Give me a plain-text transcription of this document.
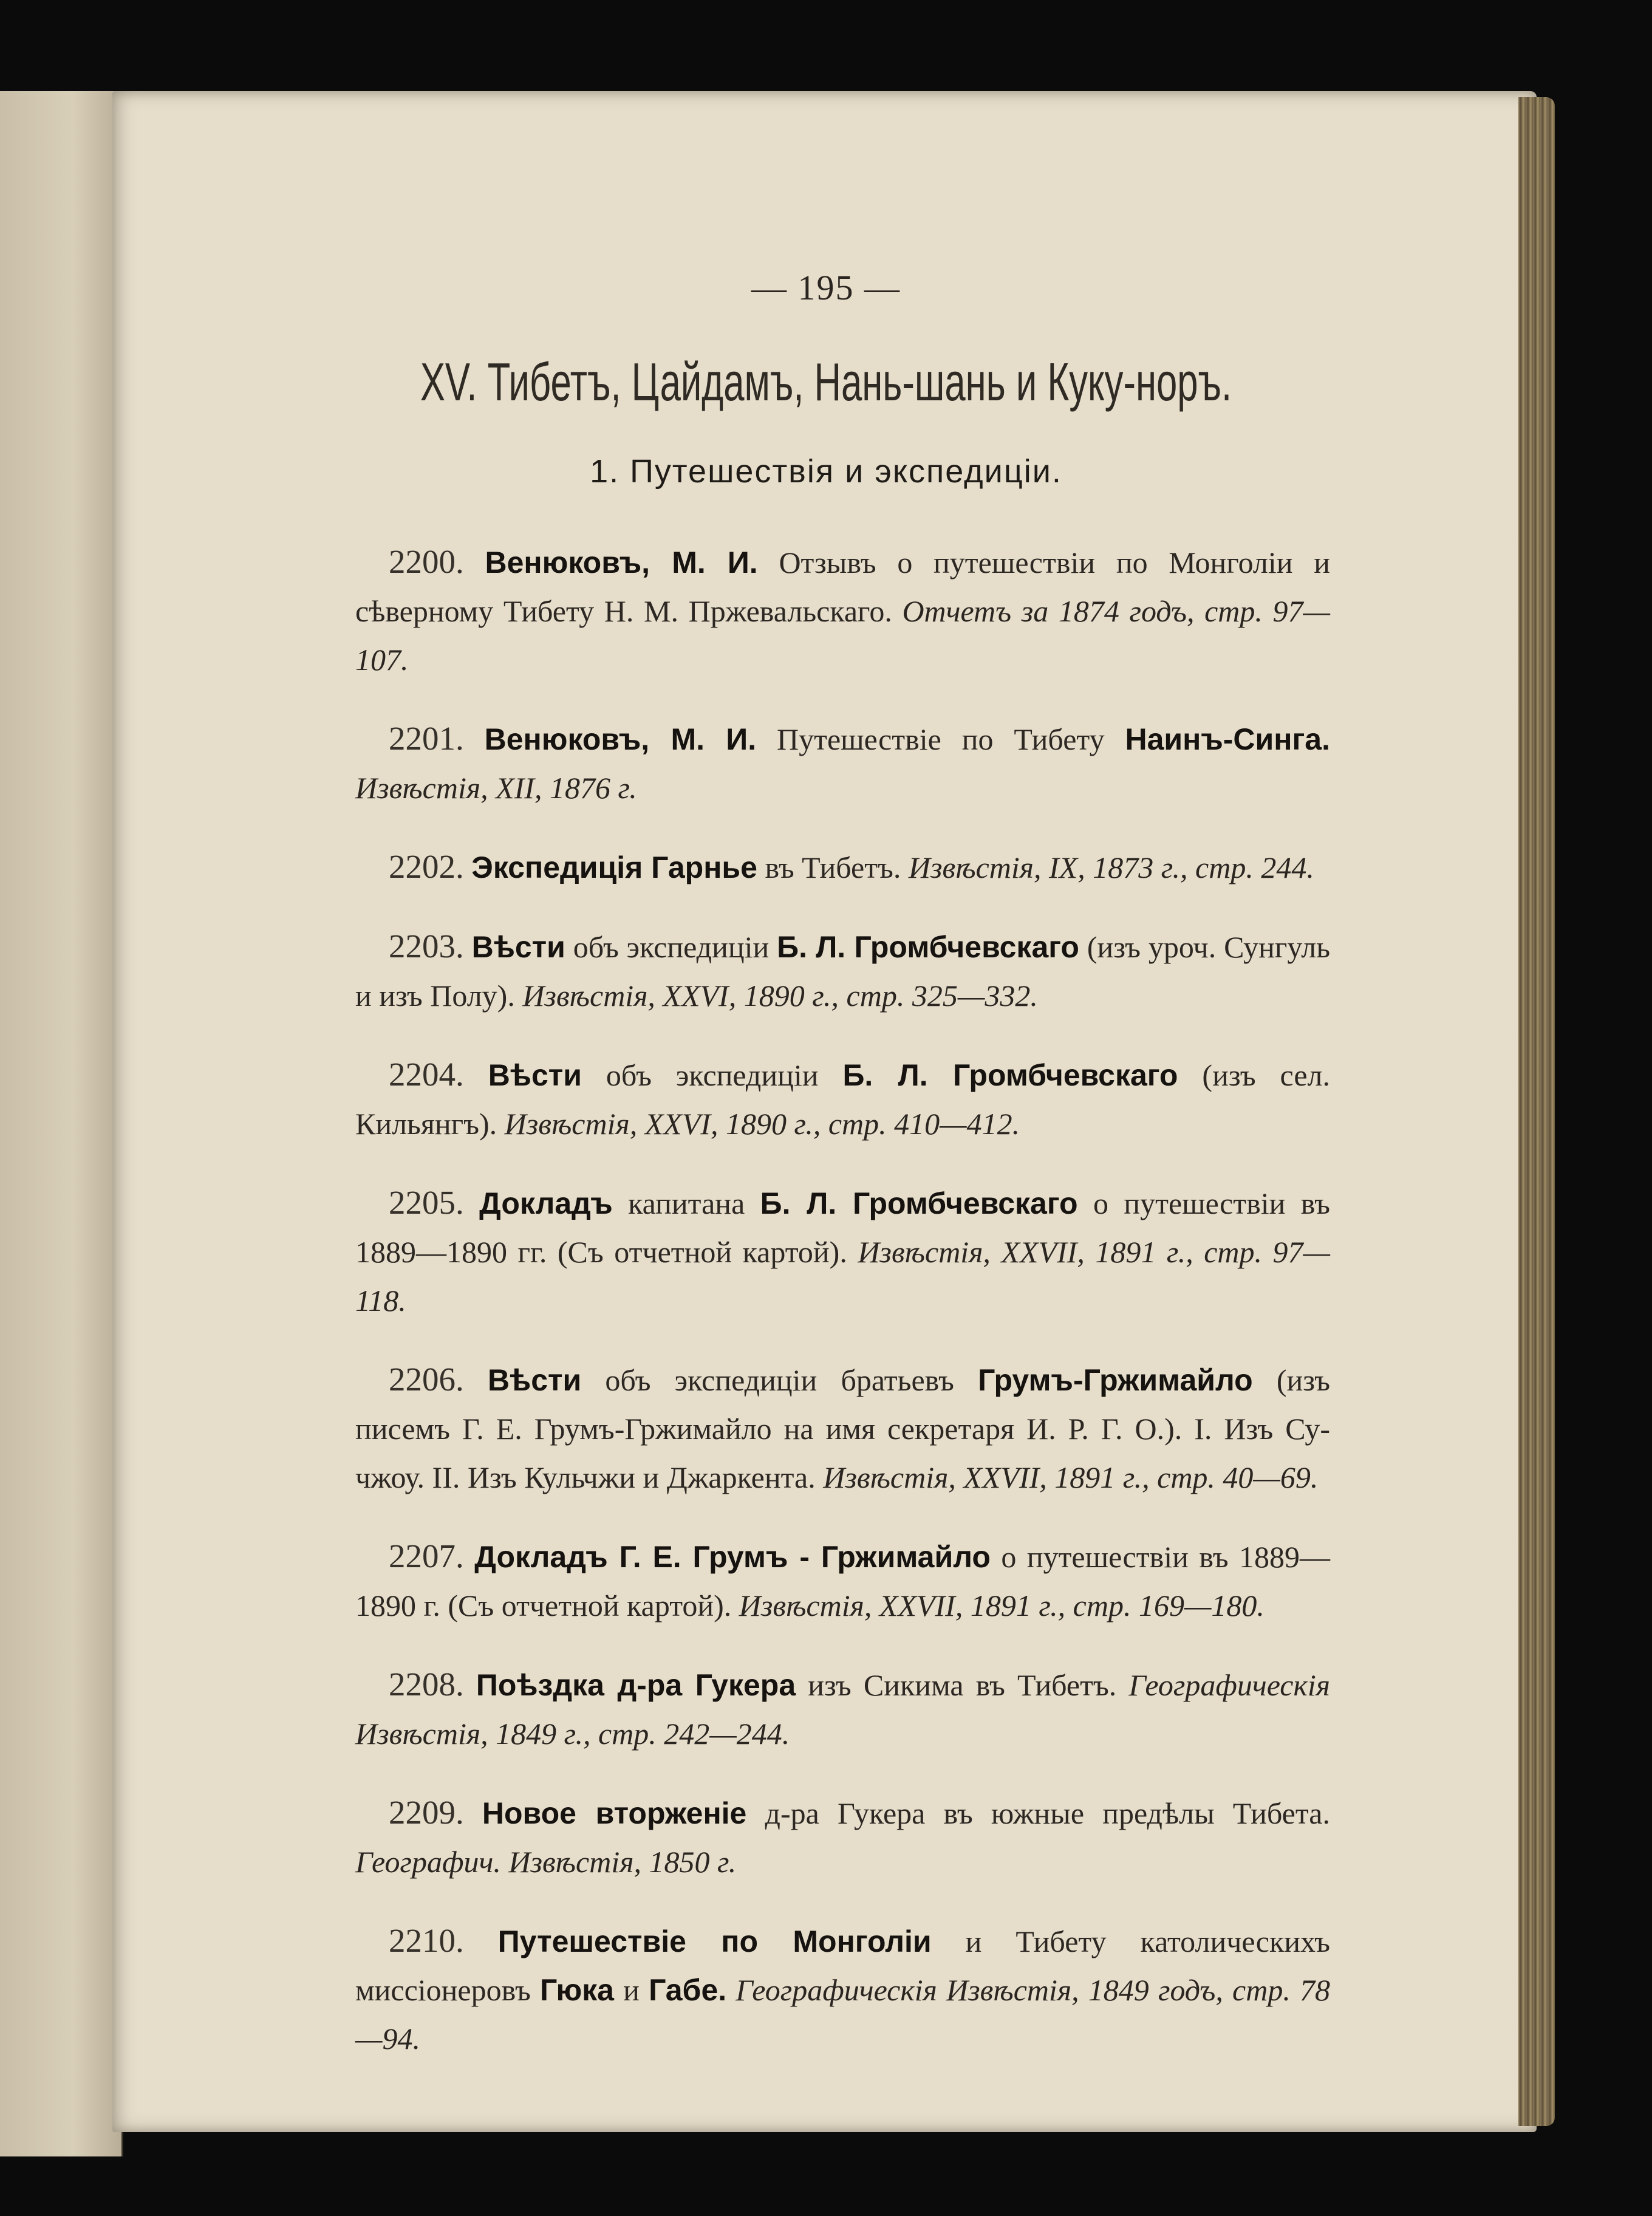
— 195 —
XV. Тибетъ, Цайдамъ, Нань-шань и Куку-норъ.
1. Путешествія и экспедиціи.

2200. Венюковъ, М. И. Отзывъ о путешествіи по Монголіи и сѣверному Тибету Н. М. Пржевальскаго. Отчетъ за 1874 годъ, стр. 97—107.

2201. Венюковъ, М. И. Путешествіе по Тибету Наинъ-Синга. Извѣстія, XII, 1876 г.

2202. Экспедиція Гарнье въ Тибетъ. Извѣстія, IX, 1873 г., стр. 244.

2203. Вѣсти объ экспедиціи Б. Л. Громбчевскаго (изъ уроч. Сунгуль и изъ Полу). Извѣстія, XXVI, 1890 г., стр. 325—332.

2204. Вѣсти объ экспедиціи Б. Л. Громбчевскаго (изъ сел. Кильянгъ). Извѣстія, XXVI, 1890 г., стр. 410—412.

2205. Докладъ капитана Б. Л. Громбчевскаго о путешествіи въ 1889—1890 гг. (Съ отчетной картой). Извѣстія, XXVII, 1891 г., стр. 97—118.

2206. Вѣсти объ экспедиціи братьевъ Грумъ-Гржимайло (изъ писемъ Г. Е. Грумъ-Гржимайло на имя секретаря И. Р. Г. О.). I. Изъ Су-чжоу. II. Изъ Кульчжи и Джаркента. Извѣстія, XXVII, 1891 г., стр. 40—69.

2207. Докладъ Г. Е. Грумъ - Гржимайло о путешествіи въ 1889—1890 г. (Съ отчетной картой). Извѣстія, XXVII, 1891 г., стр. 169—180.

2208. Поѣздка д-ра Гукера изъ Сикима въ Тибетъ. Географическія Извѣстія, 1849 г., стр. 242—244.

2209. Новое вторженіе д-ра Гукера въ южные предѣлы Тибета. Географич. Извѣстія, 1850 г.

2210. Путешествіе по Монголіи и Тибету католическихъ миссіонеровъ Гюка и Габе. Географическія Извѣстія, 1849 годъ, стр. 78—94.
